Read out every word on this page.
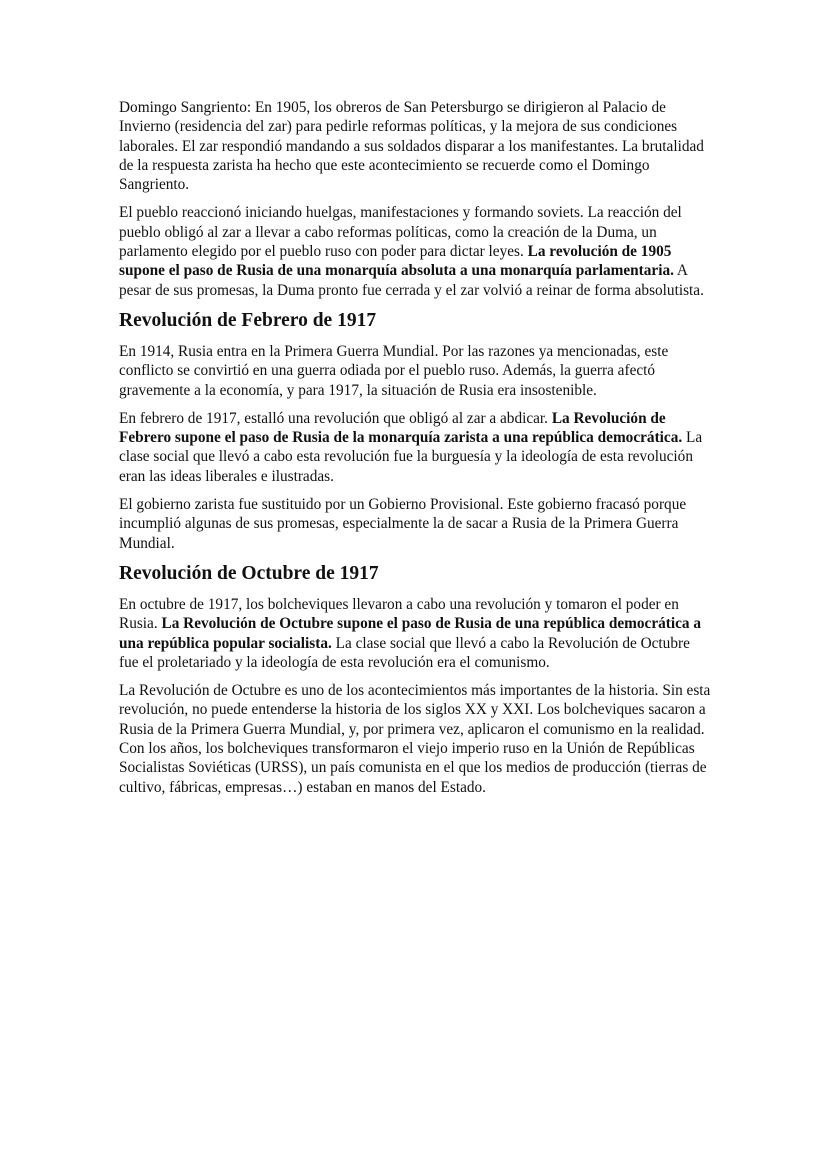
Domingo Sangriento: En 1905, los obreros de San Petersburgo se dirigieron al Palacio de Invierno (residencia del zar) para pedirle reformas políticas, y la mejora de sus condiciones laborales. El zar respondió mandando a sus soldados disparar a los manifestantes. La brutalidad de la respuesta zarista ha hecho que este acontecimiento se recuerde como el Domingo Sangriento.

El pueblo reaccionó iniciando huelgas, manifestaciones y formando soviets. La reacción del pueblo obligó al zar a llevar a cabo reformas políticas, como la creación de la Duma, un parlamento elegido por el pueblo ruso con poder para dictar leyes. La revolución de 1905 supone el paso de Rusia de una monarquía absoluta a una monarquía parlamentaria. A pesar de sus promesas, la Duma pronto fue cerrada y el zar volvió a reinar de forma absolutista.

Revolución de Febrero de 1917

En 1914, Rusia entra en la Primera Guerra Mundial. Por las razones ya mencionadas, este conflicto se convirtió en una guerra odiada por el pueblo ruso. Además, la guerra afectó gravemente a la economía, y para 1917, la situación de Rusia era insostenible.

En febrero de 1917, estalló una revolución que obligó al zar a abdicar. La Revolución de Febrero supone el paso de Rusia de la monarquía zarista a una república democrática. La clase social que llevó a cabo esta revolución fue la burguesía y la ideología de esta revolución eran las ideas liberales e ilustradas.

El gobierno zarista fue sustituido por un Gobierno Provisional. Este gobierno fracasó porque incumplió algunas de sus promesas, especialmente la de sacar a Rusia de la Primera Guerra Mundial.

Revolución de Octubre de 1917

En octubre de 1917, los bolcheviques llevaron a cabo una revolución y tomaron el poder en Rusia. La Revolución de Octubre supone el paso de Rusia de una república democrática a una república popular socialista. La clase social que llevó a cabo la Revolución de Octubre fue el proletariado y la ideología de esta revolución era el comunismo.

La Revolución de Octubre es uno de los acontecimientos más importantes de la historia. Sin esta revolución, no puede entenderse la historia de los siglos XX y XXI. Los bolcheviques sacaron a Rusia de la Primera Guerra Mundial, y, por primera vez, aplicaron el comunismo en la realidad. Con los años, los bolcheviques transformaron el viejo imperio ruso en la Unión de Repúblicas Socialistas Soviéticas (URSS), un país comunista en el que los medios de producción (tierras de cultivo, fábricas, empresas…) estaban en manos del Estado.
